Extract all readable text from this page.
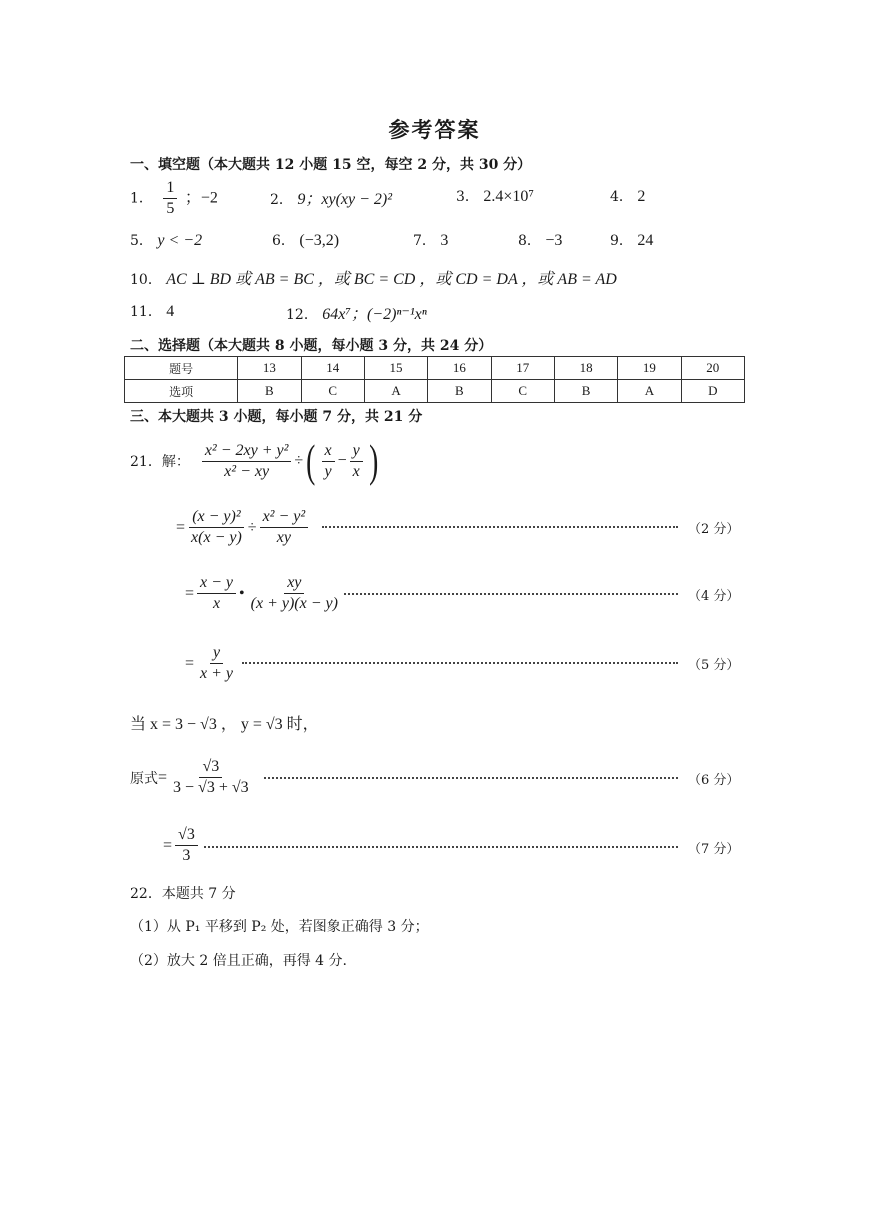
参考答案
一、填空题（本大题共 12 小题 15 空，每空 2 分，共 30 分）
1． $\frac{1}{5}$ ；−2	2． 9；xy(xy − 2)²	3． 2.4×10⁷	4． 2
5． y < −2	6． (−3,2)	7． 3	8． −3	9． 24
10． AC ⊥ BD 或 AB = BC ，或 BC = CD ，或 CD = DA ，或 AB = AD
11． 4	12． 64x⁷；(−2)ⁿ⁻¹xⁿ
二、选择题（本大题共 8 小题，每小题 3 分，共 24 分）
题号	13	14	15	16	17	18	19	20
选项	B	C	A	B	C	B	A	D
三、本大题共 3 小题，每小题 7 分，共 21 分
21．解： $\frac{\text{x² − 2xy + y²}}{\text{x² − xy}}$ ÷ ( $\frac{x}{y} - \frac{y}{x}$ )
= $\frac{\text{(x − y)²}}{x(x - y)} \div \frac{\text{x² − y²}}{xy}$	（2 分）
= $\frac{x - y}{x}$ • $\frac{xy}{(x + y)(x - y)}$	（4 分）
= $\frac{y}{x + y}$	（5 分）
当 x = 3 − √3 ， y = √3 时，
原式 = $\frac{√3}{3 - √3 + √3}$	（6 分）
= $\frac{√3}{3}$	（7 分）
22．本题共 7 分
（1）从 P₁ 平移到 P₂ 处，若图象正确得 3 分；
（2）放大 2 倍且正确，再得 4 分.
